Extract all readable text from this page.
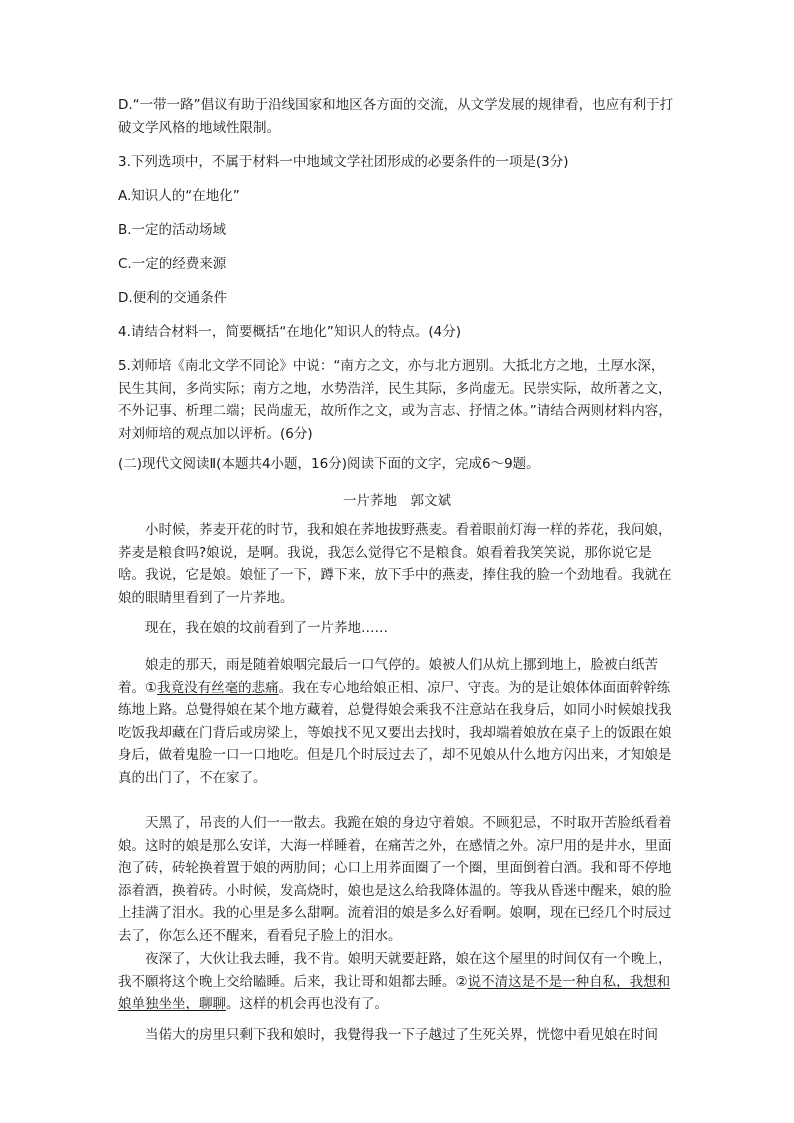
D.“一带一路”倡议有助于沿线国家和地区各方面的交流，从文学发展的规律看，也应有利于打破文学风格的地域性限制。

3.下列选项中，不属于材料一中地域文学社团形成的必要条件的一项是(3分)

A.知识人的“在地化”

B.一定的活动场域

C.一定的经费来源

D.便利的交通条件

4.请结合材料一，简要概括“在地化”知识人的特点。(4分)

5.刘师培《南北文学不同论》中说：“南方之文，亦与北方迥别。大抵北方之地，土厚水深，民生其间，多尚实际；南方之地，水势浩洋，民生其际，多尚虚无。民崇实际，故所著之文，不外记事、析理二端；民尚虚无，故所作之文，或为言志、抒情之体。”请结合两则材料内容，对刘师培的观点加以评析。(6分)

(二)现代文阅读Ⅱ(本题共4小题，16分)阅读下面的文字，完成6～9题。

一片荞地　郭文斌

小时候，荞麦开花的时节，我和娘在荞地拔野燕麦。看着眼前灯海一样的荞花，我问娘，荞麦是粮食吗?娘说，是啊。我说，我怎么觉得它不是粮食。娘看着我笑笑说，那你说它是啥。我说，它是娘。娘怔了一下，蹲下来，放下手中的燕麦，捧住我的脸一个劲地看。我就在娘的眼睛里看到了一片荞地。

现在，我在娘的坟前看到了一片荞地……

娘走的那天，雨是随着娘咽完最后一口气停的。娘被人们从炕上挪到地上，脸被白纸苦着。①我竟没有丝毫的悲痛。我在专心地给娘正相、凉尸、守丧。为的是让娘体体面面幹幹练练地上路。总覺得娘在某个地方藏着，总覺得娘会乘我不注意站在我身后，如同小时候娘找我吃饭我却藏在门背后或房梁上，等娘找不见又要出去找时，我却端着娘放在桌子上的饭跟在娘身后，做着鬼脸一口一口地吃。但是几个时辰过去了，却不见娘从什么地方闪出来，才知娘是真的出门了，不在家了。

天黑了，吊丧的人们一一散去。我跪在娘的身边守着娘。不顾犯忌，不时取开苦脸纸看着娘。这时的娘是那么安详，大海一样睡着，在痛苦之外，在感情之外。凉尸用的是井水，里面泡了砖，砖轮换着置于娘的两肋间；心口上用荞面圈了一个圈，里面倒着白酒。我和哥不停地添着酒，换着砖。小时候，发高烧时，娘也是这么给我降体温的。等我从昏迷中醒来，娘的脸上挂满了泪水。我的心里是多么甜啊。流着泪的娘是多么好看啊。娘啊，现在已经几个时辰过去了，你怎么还不醒来，看看兒子脸上的泪水。

夜深了，大伙让我去睡，我不肯。娘明天就要赶路，娘在这个屋里的时间仅有一个晚上，我不願将这个晚上交给瞌睡。后来，我让哥和姐都去睡。②说不清这是不是一种自私，我想和娘单独坐坐，聊聊。这样的机会再也没有了。

当偌大的房里只剩下我和娘时，我覺得我一下子越过了生死关界，恍惚中看见娘在时间
